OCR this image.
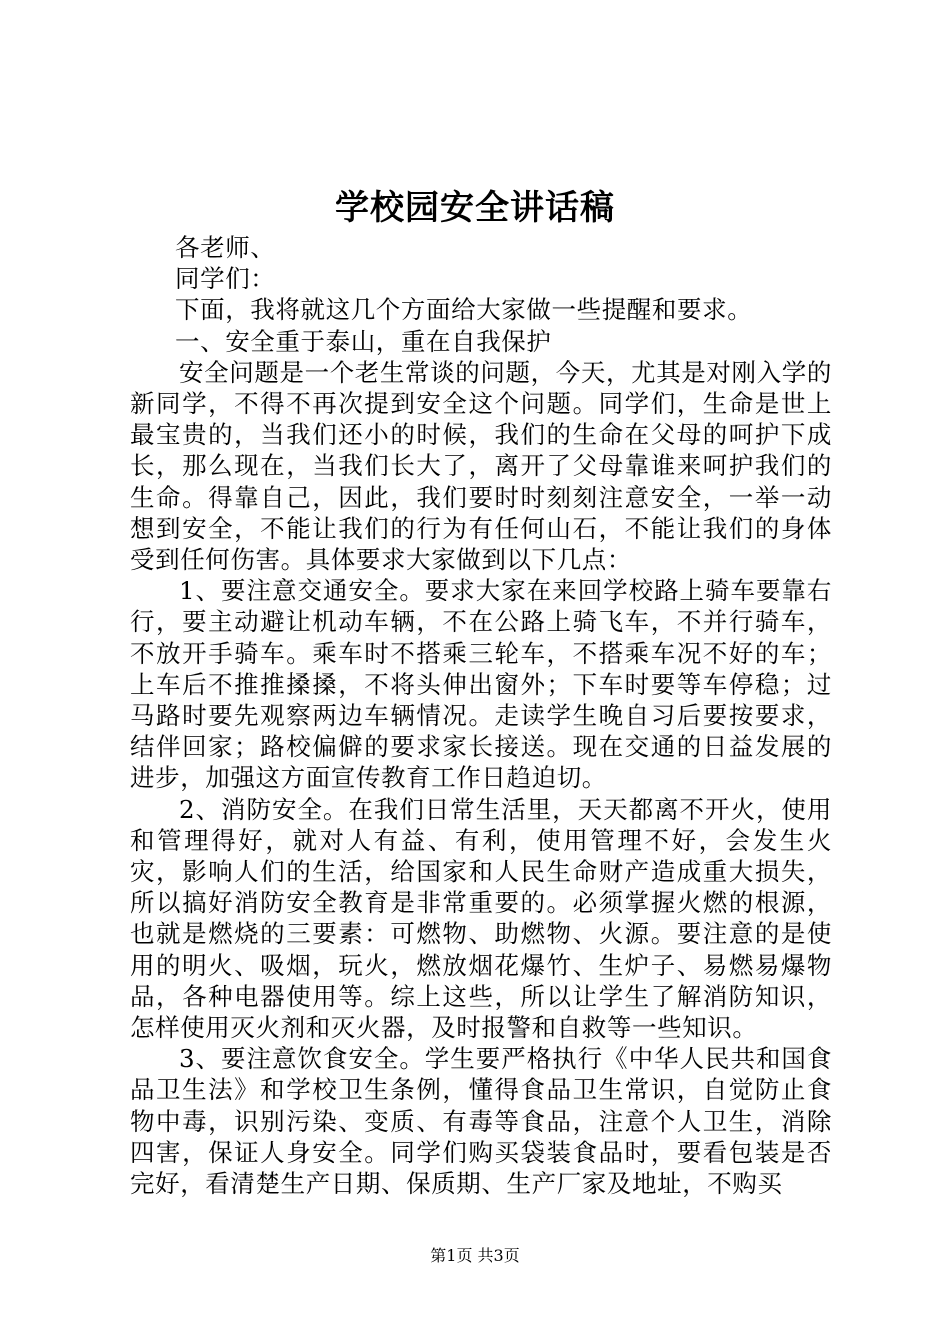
学校园安全讲话稿

各老师、

同学们：

下面，我将就这几个方面给大家做一些提醒和要求。

一、安全重于泰山，重在自我保护

安全问题是一个老生常谈的问题，今天，尤其是对刚入学的新同学，不得不再次提到安全这个问题。同学们，生命是世上最宝贵的，当我们还小的时候，我们的生命在父母的呵护下成长，那么现在，当我们长大了，离开了父母靠谁来呵护我们的生命。得靠自己，因此，我们要时时刻刻注意安全，一举一动想到安全，不能让我们的行为有任何山石，不能让我们的身体受到任何伤害。具体要求大家做到以下几点：

1、要注意交通安全。要求大家在来回学校路上骑车要靠右行，要主动避让机动车辆，不在公路上骑飞车，不并行骑车，不放开手骑车。乘车时不搭乘三轮车，不搭乘车况不好的车；上车后不推推搡搡，不将头伸出窗外；下车时要等车停稳；过马路时要先观察两边车辆情况。走读学生晚自习后要按要求，结伴回家；路校偏僻的要求家长接送。现在交通的日益发展的进步，加强这方面宣传教育工作日趋迫切。

2、消防安全。在我们日常生活里，天天都离不开火，使用和管理得好，就对人有益、有利，使用管理不好，会发生火灾，影响人们的生活，给国家和人民生命财产造成重大损失，所以搞好消防安全教育是非常重要的。必须掌握火燃的根源，也就是燃烧的三要素：可燃物、助燃物、火源。要注意的是使用的明火、吸烟，玩火，燃放烟花爆竹、生炉子、易燃易爆物品，各种电器使用等。综上这些，所以让学生了解消防知识，怎样使用灭火剂和灭火器，及时报警和自救等一些知识。

3、要注意饮食安全。学生要严格执行《中华人民共和国食品卫生法》和学校卫生条例，懂得食品卫生常识，自觉防止食物中毒，识别污染、变质、有毒等食品，注意个人卫生，消除四害，保证人身安全。同学们购买袋装食品时，要看包装是否完好，看清楚生产日期、保质期、生产厂家及地址，不购买

第1页 共3页
